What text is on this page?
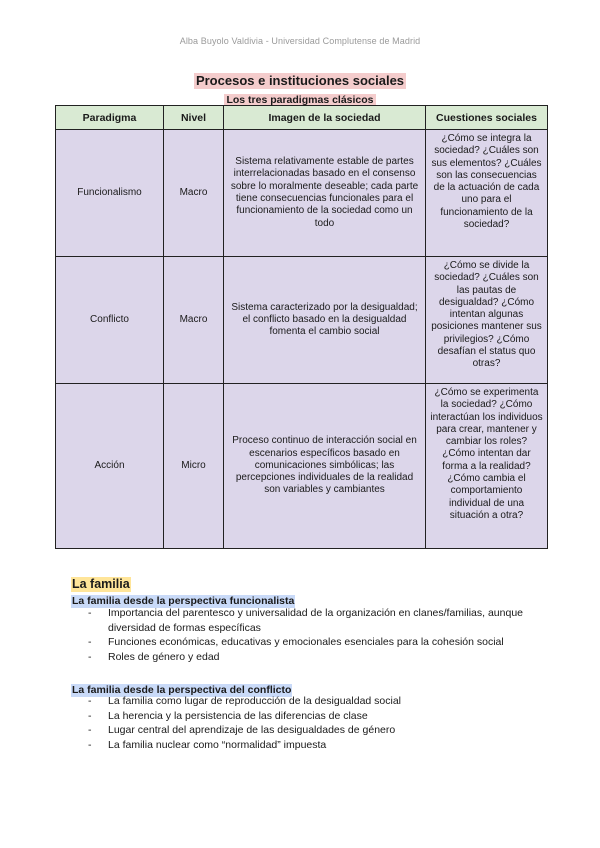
Alba Buyolo Valdivia - Universidad Complutense de Madrid
Procesos e instituciones sociales
Los tres paradigmas clásicos
Paradigma	Nivel	Imagen de la sociedad	Cuestiones sociales
Funcionalismo	Macro	Sistema relativamente estable de partes interrelacionadas basado en el consenso sobre lo moralmente deseable; cada parte tiene consecuencias funcionales para el funcionamiento de la sociedad como un todo	¿Cómo se integra la sociedad? ¿Cuáles son sus elementos? ¿Cuáles son las consecuencias de la actuación de cada uno para el funcionamiento de la sociedad?
Conflicto	Macro	Sistema caracterizado por la desigualdad; el conflicto basado en la desigualdad fomenta el cambio social	¿Cómo se divide la sociedad? ¿Cuáles son las pautas de desigualdad? ¿Cómo intentan algunas posiciones mantener sus privilegios? ¿Cómo desafían el status quo otras?
Acción	Micro	Proceso continuo de interacción social en escenarios específicos basado en comunicaciones simbólicas; las percepciones individuales de la realidad son variables y cambiantes	¿Cómo se experimenta la sociedad? ¿Cómo interactúan los individuos para crear, mantener y cambiar los roles? ¿Cómo intentan dar forma a la realidad? ¿Cómo cambia el comportamiento individual de una situación a otra?
La familia
La familia desde la perspectiva funcionalista
- Importancia del parentesco y universalidad de la organización en clanes/familias, aunque diversidad de formas específicas
- Funciones económicas, educativas y emocionales esenciales para la cohesión social
- Roles de género y edad
La familia desde la perspectiva del conflicto
- La familia como lugar de reproducción de la desigualdad social
- La herencia y la persistencia de las diferencias de clase
- Lugar central del aprendizaje de las desigualdades de género
- La familia nuclear como “normalidad” impuesta
